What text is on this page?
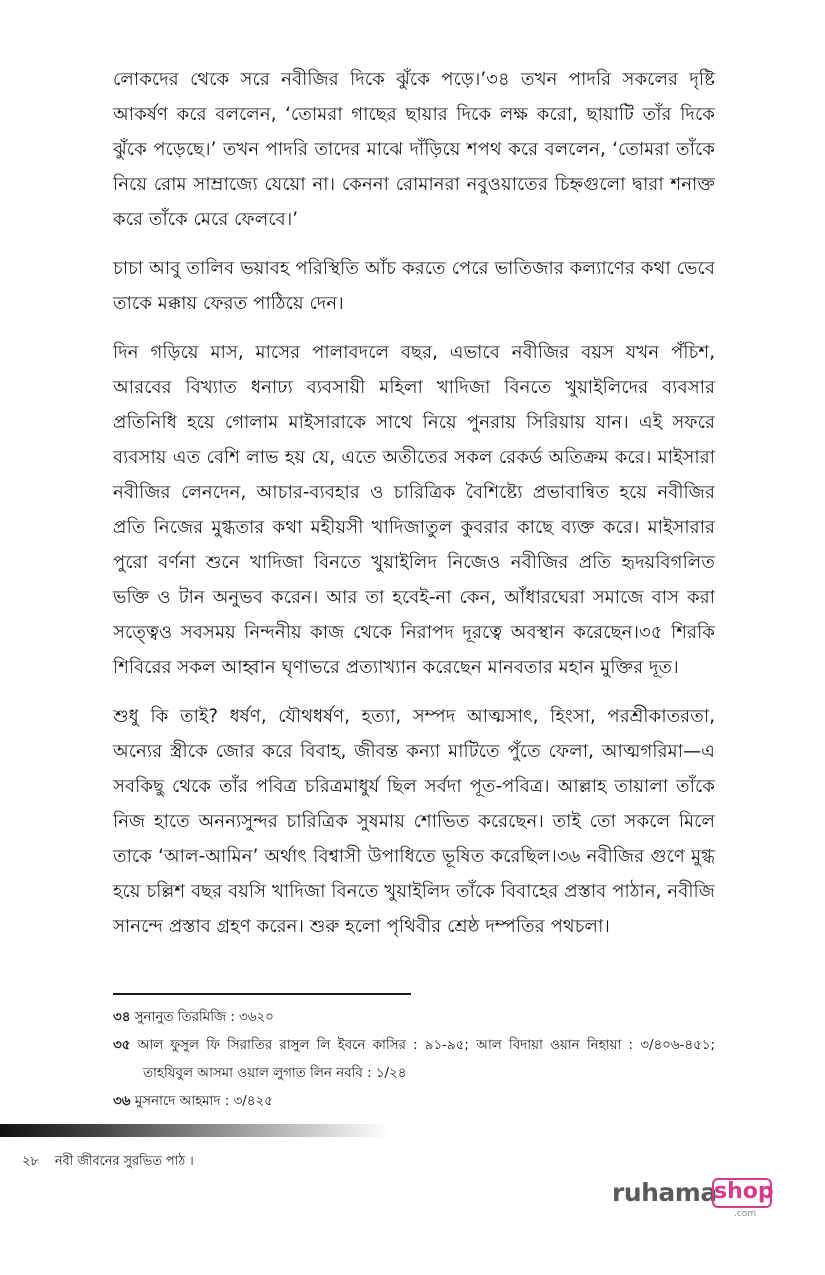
লোকদের থেকে সরে নবীজির দিকে ঝুঁকে পড়ে।’৩৪ তখন পাদরি সকলের দৃষ্টি আকর্ষণ করে বললেন, ‘তোমরা গাছের ছায়ার দিকে লক্ষ করো, ছায়াটি তাঁর দিকে ঝুঁকে পড়েছে।’ তখন পাদরি তাদের মাঝে দাঁড়িয়ে শপথ করে বললেন, ‘তোমরা তাঁকে নিয়ে রোম সাম্রাজ্যে যেয়ো না। কেননা রোমানরা নবুওয়াতের চিহ্নগুলো দ্বারা শনাক্ত করে তাঁকে মেরে ফেলবে।’

চাচা আবু তালিব ভয়াবহ পরিস্থিতি আঁচ করতে পেরে ভাতিজার কল্যাণের কথা ভেবে তাকে মক্কায় ফেরত পাঠিয়ে দেন।

দিন গড়িয়ে মাস, মাসের পালাবদলে বছর, এভাবে নবীজির বয়স যখন পঁচিশ, আরবের বিখ্যাত ধনাঢ্য ব্যবসায়ী মহিলা খাদিজা বিনতে খুয়াইলিদের ব্যবসার প্রতিনিধি হয়ে গোলাম মাইসারাকে সাথে নিয়ে পুনরায় সিরিয়ায় যান। এই সফরে ব্যবসায় এত বেশি লাভ হয় যে, এতে অতীতের সকল রেকর্ড অতিক্রম করে। মাইসারা নবীজির লেনদেন, আচার-ব্যবহার ও চারিত্রিক বৈশিষ্ট্যে প্রভাবান্বিত হয়ে নবীজির প্রতি নিজের মুগ্ধতার কথা মহীয়সী খাদিজাতুল কুবরার কাছে ব্যক্ত করে। মাইসারার পুরো বর্ণনা শুনে খাদিজা বিনতে খুয়াইলিদ নিজেও নবীজির প্রতি হৃদয়বিগলিত ভক্তি ও টান অনুভব করেন। আর তা হবেই-না কেন, আঁধারঘেরা সমাজে বাস করা সত্ত্বেও সবসময় নিন্দনীয় কাজ থেকে নিরাপদ দূরত্বে অবস্থান করেছেন।৩৫ শিরকি শিবিরের সকল আহ্বান ঘৃণাভরে প্রত্যাখ্যান করেছেন মানবতার মহান মুক্তির দূত।

শুধু কি তাই? ধর্ষণ, যৌথধর্ষণ, হত্যা, সম্পদ আত্মসাৎ, হিংসা, পরশ্রীকাতরতা, অন্যের স্ত্রীকে জোর করে বিবাহ, জীবন্ত কন্যা মাটিতে পুঁতে ফেলা, আত্মগরিমা—এ সবকিছু থেকে তাঁর পবিত্র চরিত্রমাধুর্য ছিল সর্বদা পূত-পবিত্র। আল্লাহ তায়ালা তাঁকে নিজ হাতে অনন্যসুন্দর চারিত্রিক সুষমায় শোভিত করেছেন। তাই তো সকলে মিলে তাকে ‘আল-আমিন’ অর্থাৎ বিশ্বাসী উপাধিতে ভূষিত করেছিল।৩৬ নবীজির গুণে মুগ্ধ হয়ে চল্লিশ বছর বয়সি খাদিজা বিনতে খুয়াইলিদ তাঁকে বিবাহের প্রস্তাব পাঠান, নবীজি সানন্দে প্রস্তাব গ্রহণ করেন। শুরু হলো পৃথিবীর শ্রেষ্ঠ দম্পতির পথচলা।

৩৪ সুনানুত তিরমিজি : ৩৬২০

৩৫ আল ফুসুল ফি সিরাতির রাসুল লি ইবনে কাসির : ৯১-৯৫; আল বিদায়া ওয়ান নিহায়া : ৩/৪০৬-৪৫১; তাহযিবুল আসমা ওয়াল লুগাত লিন নববি : ১/২৪

৩৬ মুসনাদে আহমাদ : ৩/৪২৫

২৮ নবী জীবনের সুরভিত পাঠ ।
ruhama
shop
.com
